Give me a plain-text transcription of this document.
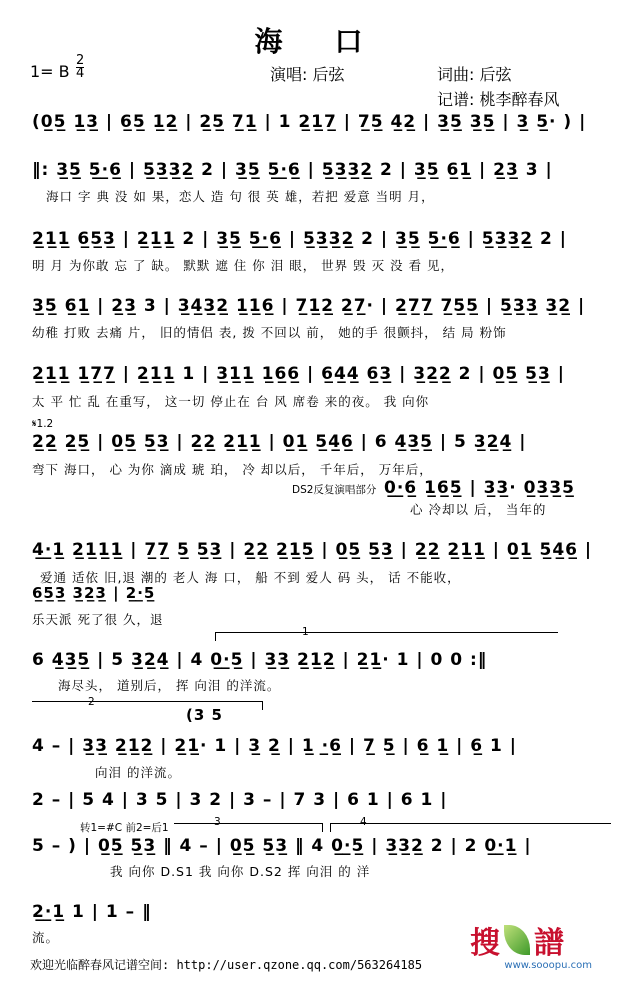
海口
1= B $\frac{2}{4}$	演唱: 后弦	词曲: 后弦
记谱: 桃李醉春风
(0̲5̲ 1̲3̲ | 6̲5̲ 1̲2̲ | 2̲5̲ 7̲1̲ | 1 2̲1̲7̲ | 7̲5̲ 4̲2̲ | 3̲5̲ 3̲5̲ | 3̲ 5̲· ) |
‖: 3̲5̲ 5̲·̲6̲ | 5̲3̲3̲2̲ 2 | 3̲5̲ 5̲·̲6̲ | 5̲3̲3̲2̲ 2 | 3̲5̲ 6̲1̲ | 2̲3̲ 3 |
海口 字 典 没 如 果，恋人 造 句 很 英 雄，若把 爱意 当明 月，
2̲1̲1̲ 6̲5̲3̲ | 2̲1̲1̲ 2 | 3̲5̲ 5̲·̲6̲ | 5̲3̲3̲2̲ 2 | 3̲5̲ 5̲·̲6̲ | 5̲3̲3̲2̲ 2 |
明 月 为你敢 忘 了 缺。 默默 遮 住 你 泪 眼， 世界 毁 灭 没 看 见，
3̲5̲ 6̲1̲ | 2̲3̲ 3 | 3̲4̲3̲2̲ 1̲1̲6̲ | 7̲1̲2̲ 2̲7̲· | 2̲7̲7̲ 7̲5̲5̲ | 5̲3̲3̲ 3̲2̲ |
幼稚 打败 去痛 片， 旧的情侣 表, 拨 不回以 前， 她的手 很颤抖， 结 局 粉饰
2̲1̲1̲ 1̲7̲7̲ | 2̲1̲1̲ 1 | 3̲1̲1̲ 1̲6̲6̲ | 6̲4̲4̲ 6̲3̲ | 3̲2̲2̲ 2 | 0̲5̲ 5̲3̲ |
太 平 忙 乱 在重写， 这一切 停止在 台 风 席卷 来的夜。 我 向你
𝄋1.2
2̲2̲ 2̲5̲ | 0̲5̲ 5̲3̲ | 2̲2̲ 2̲1̲1̲ | 0̲1̲ 5̲4̲6̲ | 6 4̲3̲5̲ | 5 3̲2̲4̲ |
弯下 海口， 心 为你 滴成 琥 珀， 冷 却以后， 千年后， 万年后，
DS2反复演唱部分 0̲·̲6̲ 1̲6̲5̲ | 3̲3̲· 0̲3̲3̲5̲
心 冷却以 后， 当年的
4̲·̲1̲ 2̲1̲1̲1̲ | 7̲7̲ 5̲ 5̲3̲ | 2̲2̲ 2̲1̲5̲ | 0̲5̲ 5̲3̲ | 2̲2̲ 2̲1̲1̲ | 0̲1̲ 5̲4̲6̲ |
爱通 适依 旧,退 潮的 老人 海 口， 船 不到 爱人 码 头， 话 不能收，
6̲5̲3̲ 3̲2̲3̲ | 2̲·̲5̲
乐天派 死了很 久，退
1
6 4̲3̲5̲ | 5 3̲2̲4̲ | 4 0̲·̲5̲ | 3̲3̲ 2̲1̲2̲ | 2̲1̲· 1 | 0 0 :‖
海尽头， 道别后， 挥 向泪 的洋流。
2
(3 5
4 – | 3̲3̲ 2̲1̲2̲ | 2̲1̲· 1 | 3̲ 2̲ | 1̲ ·̲6̲ | 7̲ 5̲ | 6̲ 1̲ | 6̲ 1 |
向泪 的洋流。
2 – | 5 4 | 3 5 | 3 2 | 3 – | 7 3 | 6 1 | 6 1 |
转1=#C 前2=后1	3	4
5 – ) | 0̲5̲ 5̲3̲ ‖ 4 – | 0̲5̲ 5̲3̲ ‖ 4 0̲·̲5̲ | 3̲3̲2̲ 2 | 2 0̲·̲1̲ |
我 向你 D.S1 我 向你 D.S2 挥 向泪 的 洋
2̲·̲1̲ 1 | 1 – ‖
流。
欢迎光临醉春风记谱空间: http://user.qzone.qq.com/563264185
搜 譜
www.sooopu.com
